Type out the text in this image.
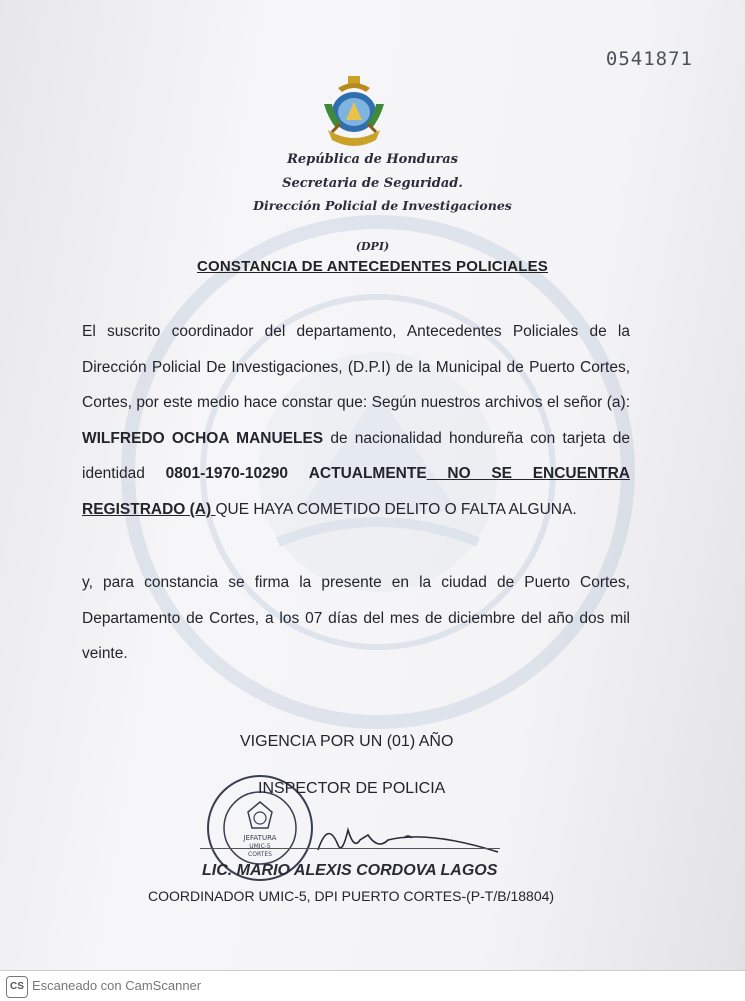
0541871
República de Honduras
Secretaria de Seguridad.
Dirección Policial de Investigaciones
(DPI)
CONSTANCIA DE ANTECEDENTES POLICIALES

El suscrito coordinador del departamento, Antecedentes Policiales de la Dirección Policial De Investigaciones, (D.P.I) de la Municipal de Puerto Cortes, Cortes, por este medio hace constar que: Según nuestros archivos el señor (a): WILFREDO OCHOA MANUELES de nacionalidad hondureña con tarjeta de identidad 0801-1970-10290 ACTUALMENTE NO SE ENCUENTRA REGISTRADO (A) QUE HAYA COMETIDO DELITO O FALTA ALGUNA.

y, para constancia se firma la presente en la ciudad de Puerto Cortes, Departamento de Cortes, a los 07 días del mes de diciembre del año dos mil veinte.

VIGENCIA POR UN (01) AÑO
JEFATURA
UMIC-5
CORTES
INSPECTOR DE POLICIA
LIC. MARIO ALEXIS CORDOVA LAGOS
COORDINADOR UMIC-5, DPI PUERTO CORTES-(P-T/B/18804)
CS Escaneado con CamScanner
